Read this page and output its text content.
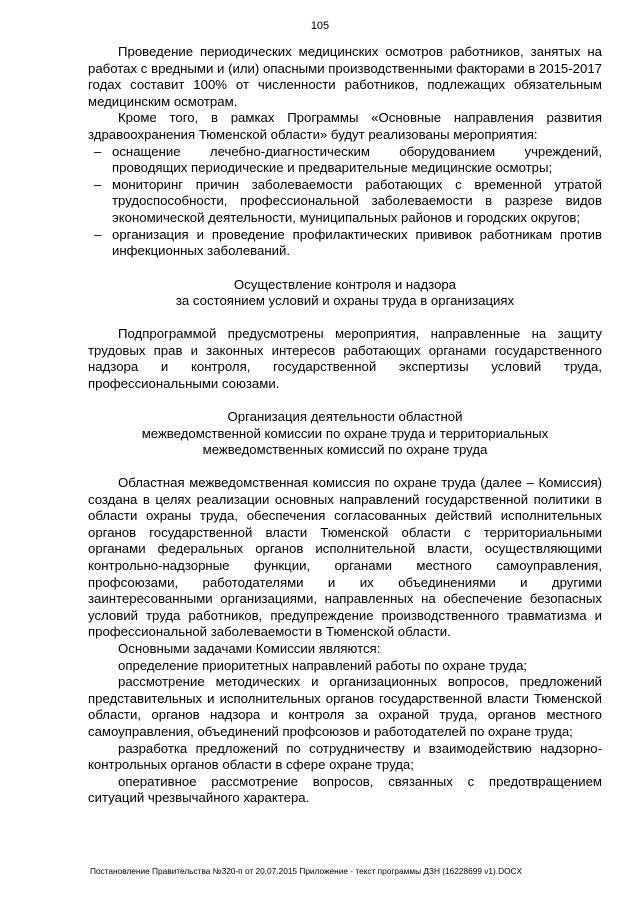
105

Проведение периодических медицинских осмотров работников, занятых на работах с вредными и (или) опасными производственными факторами в 2015-2017 годах составит 100% от численности работников, подлежащих обязательным медицинским осмотрам.

Кроме того, в рамках Программы «Основные направления развития здравоохранения Тюменской области» будут реализованы мероприятия:

– оснащение лечебно-диагностическим оборудованием учреждений, проводящих периодические и предварительные медицинские осмотры;
– мониторинг причин заболеваемости работающих с временной утратой трудоспособности, профессиональной заболеваемости в разрезе видов экономической деятельности, муниципальных районов и городских округов;
– организация и проведение профилактических прививок работникам против инфекционных заболеваний.
Осуществление контроля и надзора
за состоянием условий и охраны труда в организациях

Подпрограммой предусмотрены мероприятия, направленные на защиту трудовых прав и законных интересов работающих органами государственного надзора и контроля, государственной экспертизы условий труда, профессиональными союзами.

Организация деятельности областной
межведомственной комиссии по охране труда и территориальных
межведомственных комиссий по охране труда

Областная межведомственная комиссия по охране труда (далее – Комиссия) создана в целях реализации основных направлений государственной политики в области охраны труда, обеспечения согласованных действий исполнительных органов государственной власти Тюменской области с территориальными органами федеральных органов исполнительной власти, осуществляющими контрольно-надзорные функции, органами местного самоуправления, профсоюзами, работодателями и их объединениями и другими заинтересованными организациями, направленных на обеспечение безопасных условий труда работников, предупреждение производственного травматизма и профессиональной заболеваемости в Тюменской области.

Основными задачами Комиссии являются:

определение приоритетных направлений работы по охране труда;

рассмотрение методических и организационных вопросов, предложений представительных и исполнительных органов государственной власти Тюменской области, органов надзора и контроля за охраной труда, органов местного самоуправления, объединений профсоюзов и работодателей по охране труда;

разработка предложений по сотрудничеству и взаимодействию надзорно-контрольных органов области в сфере охране труда;

оперативное рассмотрение вопросов, связанных с предотвращением ситуаций чрезвычайного характера.

Постановление Правительства №320-п от 20.07.2015 Приложение - текст программы ДЗН (16228699 v1).DOCX
